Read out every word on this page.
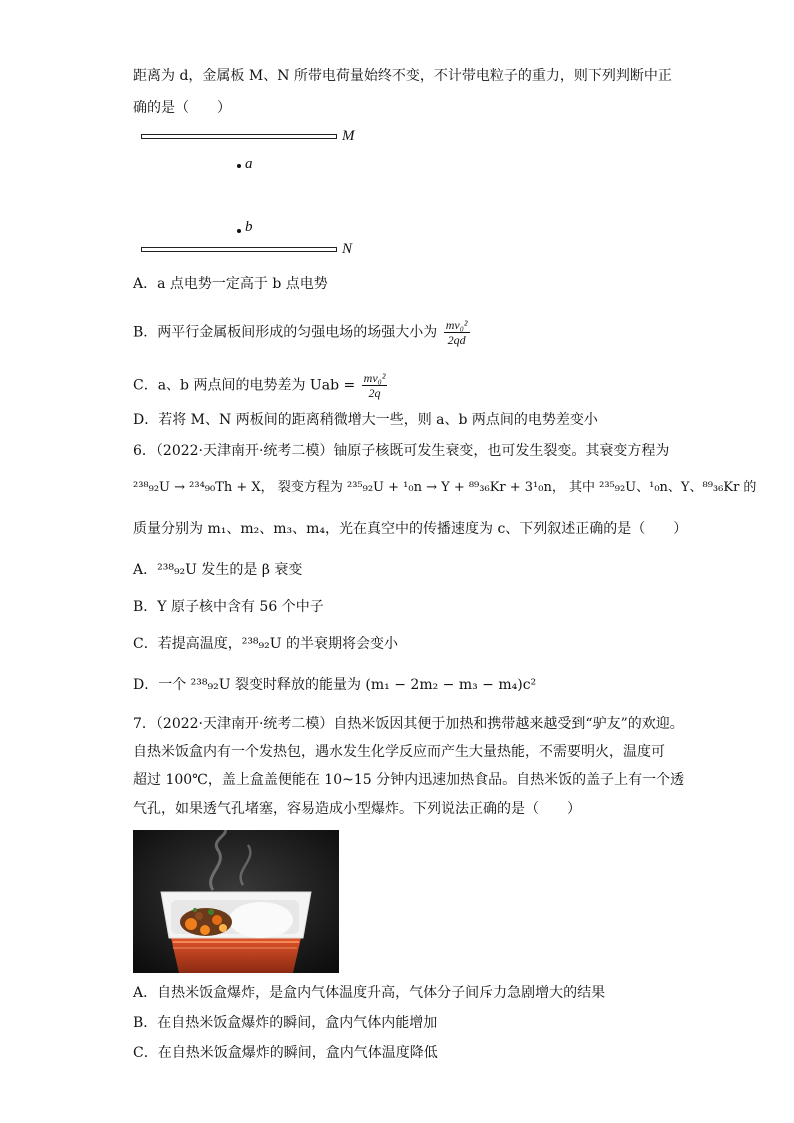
距离为 d，金属板 M、N 所带电荷量始终不变，不计带电粒子的重力，则下列判断中正
确的是（　　）
M
a
b
N
A．a 点电势一定高于 b 点电势
B．两平行金属板间形成的匀强电场的场强大小为 $\frac{\text{mv₀²}}{2qd}$
C．a、b 两点间的电势差为 Uab = $\frac{\text{mv₀²}}{2q}$
D．若将 M、N 两板间的距离稍微增大一些，则 a、b 两点间的电势差变小
6．（2022·天津南开·统考二模）铀原子核既可发生衰变，也可发生裂变。其衰变方程为
²³⁸₉₂U → ²³⁴₉₀Th + X， 裂变方程为 ²³⁵₉₂U + ¹₀n → Y + ⁸⁹₃₆Kr + 3¹₀n， 其中 ²³⁵₉₂U、¹₀n、Y、⁸⁹₃₆Kr 的
质量分别为 m₁、m₂、m₃、m₄，光在真空中的传播速度为 c、下列叙述正确的是（　　）
A．²³⁸₉₂U 发生的是 β 衰变
B．Y 原子核中含有 56 个中子
C．若提高温度，²³⁸₉₂U 的半衰期将会变小
D．一个 ²³⁸₉₂U 裂变时释放的能量为 (m₁ − 2m₂ − m₃ − m₄)c²
7．（2022·天津南开·统考二模）自热米饭因其便于加热和携带越来越受到“驴友”的欢迎。
自热米饭盒内有一个发热包，遇水发生化学反应而产生大量热能，不需要明火，温度可
超过 100℃，盖上盒盖便能在 10~15 分钟内迅速加热食品。自热米饭的盖子上有一个透
气孔，如果透气孔堵塞，容易造成小型爆炸。下列说法正确的是（　　）
A．自热米饭盒爆炸，是盒内气体温度升高，气体分子间斥力急剧增大的结果
B．在自热米饭盒爆炸的瞬间，盒内气体内能增加
C．在自热米饭盒爆炸的瞬间，盒内气体温度降低
